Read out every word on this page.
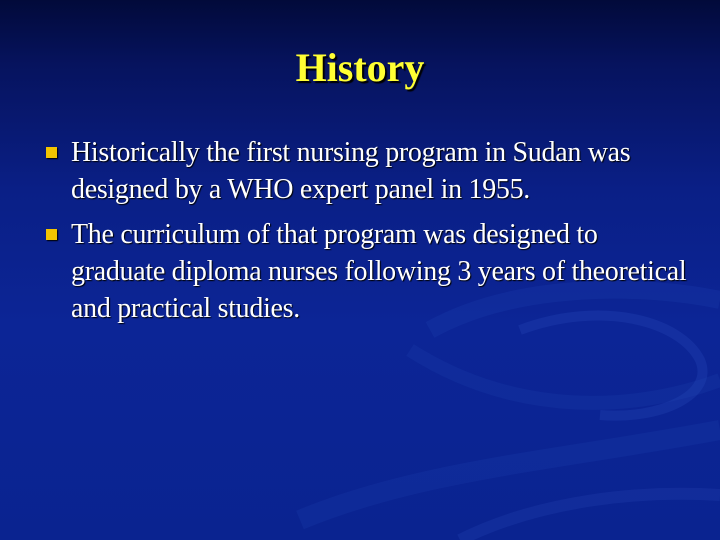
History
Historically the first nursing program in Sudan was designed by a WHO expert panel in 1955.
The curriculum of that program was designed to graduate diploma nurses following 3 years of theoretical and practical studies.
